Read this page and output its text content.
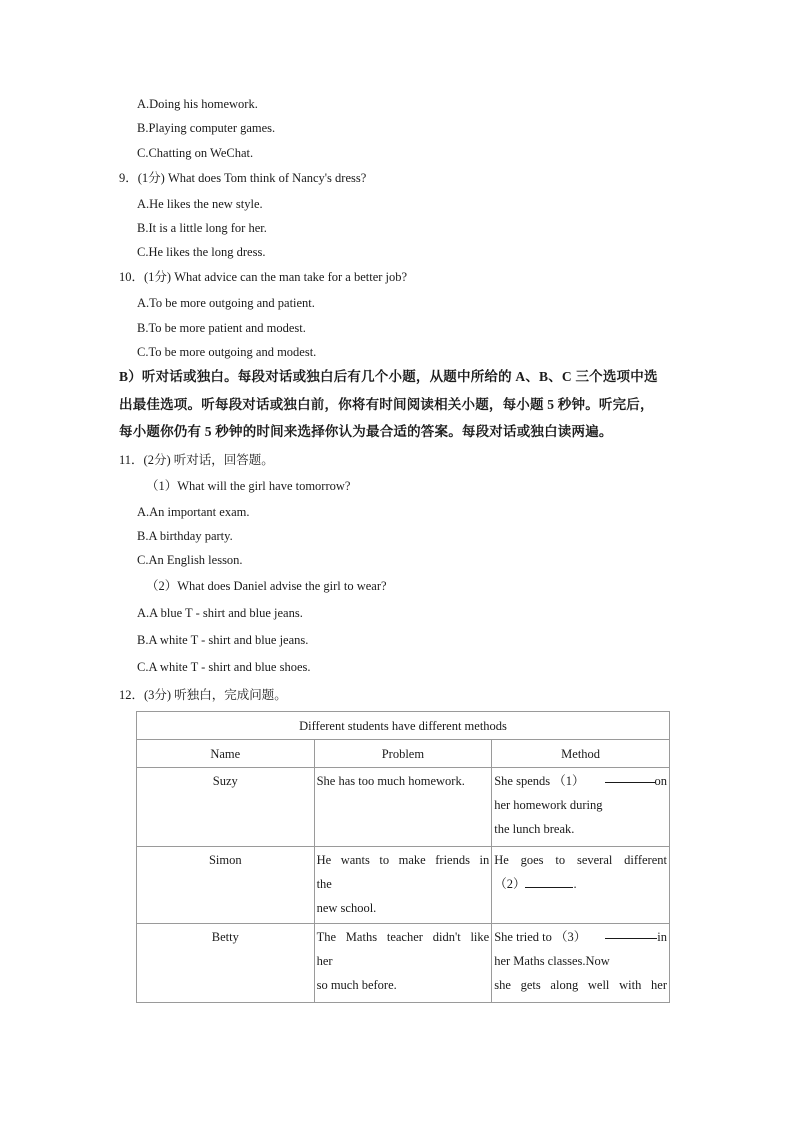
A.Doing his homework.
B.Playing computer games.
C.Chatting on WeChat.
9．(1分) What does Tom think of Nancy's dress?
A.He likes the new style.
B.It is a little long for her.
C.He likes the long dress.
10．(1分) What advice can the man take for a better job?
A.To be more outgoing and patient.
B.To be more patient and modest.
C.To be more outgoing and modest.
B）听对话或独白。每段对话或独白后有几个小题，从题中所给的 A、B、C 三个选项中选
出最佳选项。听每段对话或独白前，你将有时间阅读相关小题，每小题 5 秒钟。听完后，
每小题你仍有 5 秒钟的时间来选择你认为最合适的答案。每段对话或独白读两遍。
11．(2分) 听对话，回答题。
（1）What will the girl have tomorrow?
A.An important exam.
B.A birthday party.
C.An English lesson.
（2）What does Daniel advise the girl to wear?
A.A blue T - shirt and blue jeans.
B.A white T - shirt and blue jeans.
C.A white T - shirt and blue shoes.
12．(3分) 听独白，完成问题。
Different students have different methods		
Name	Problem	Method
Suzy	She has too much homework.	She spends （1） on
her homework during
the lunch break.

Simon	He wants to make friends in
the
new school.	He goes to several different
（2） .

Betty	The Maths teacher didn't like
her
so much before.	She tried to （3） in
her Maths classes.Now
she gets along well with her
